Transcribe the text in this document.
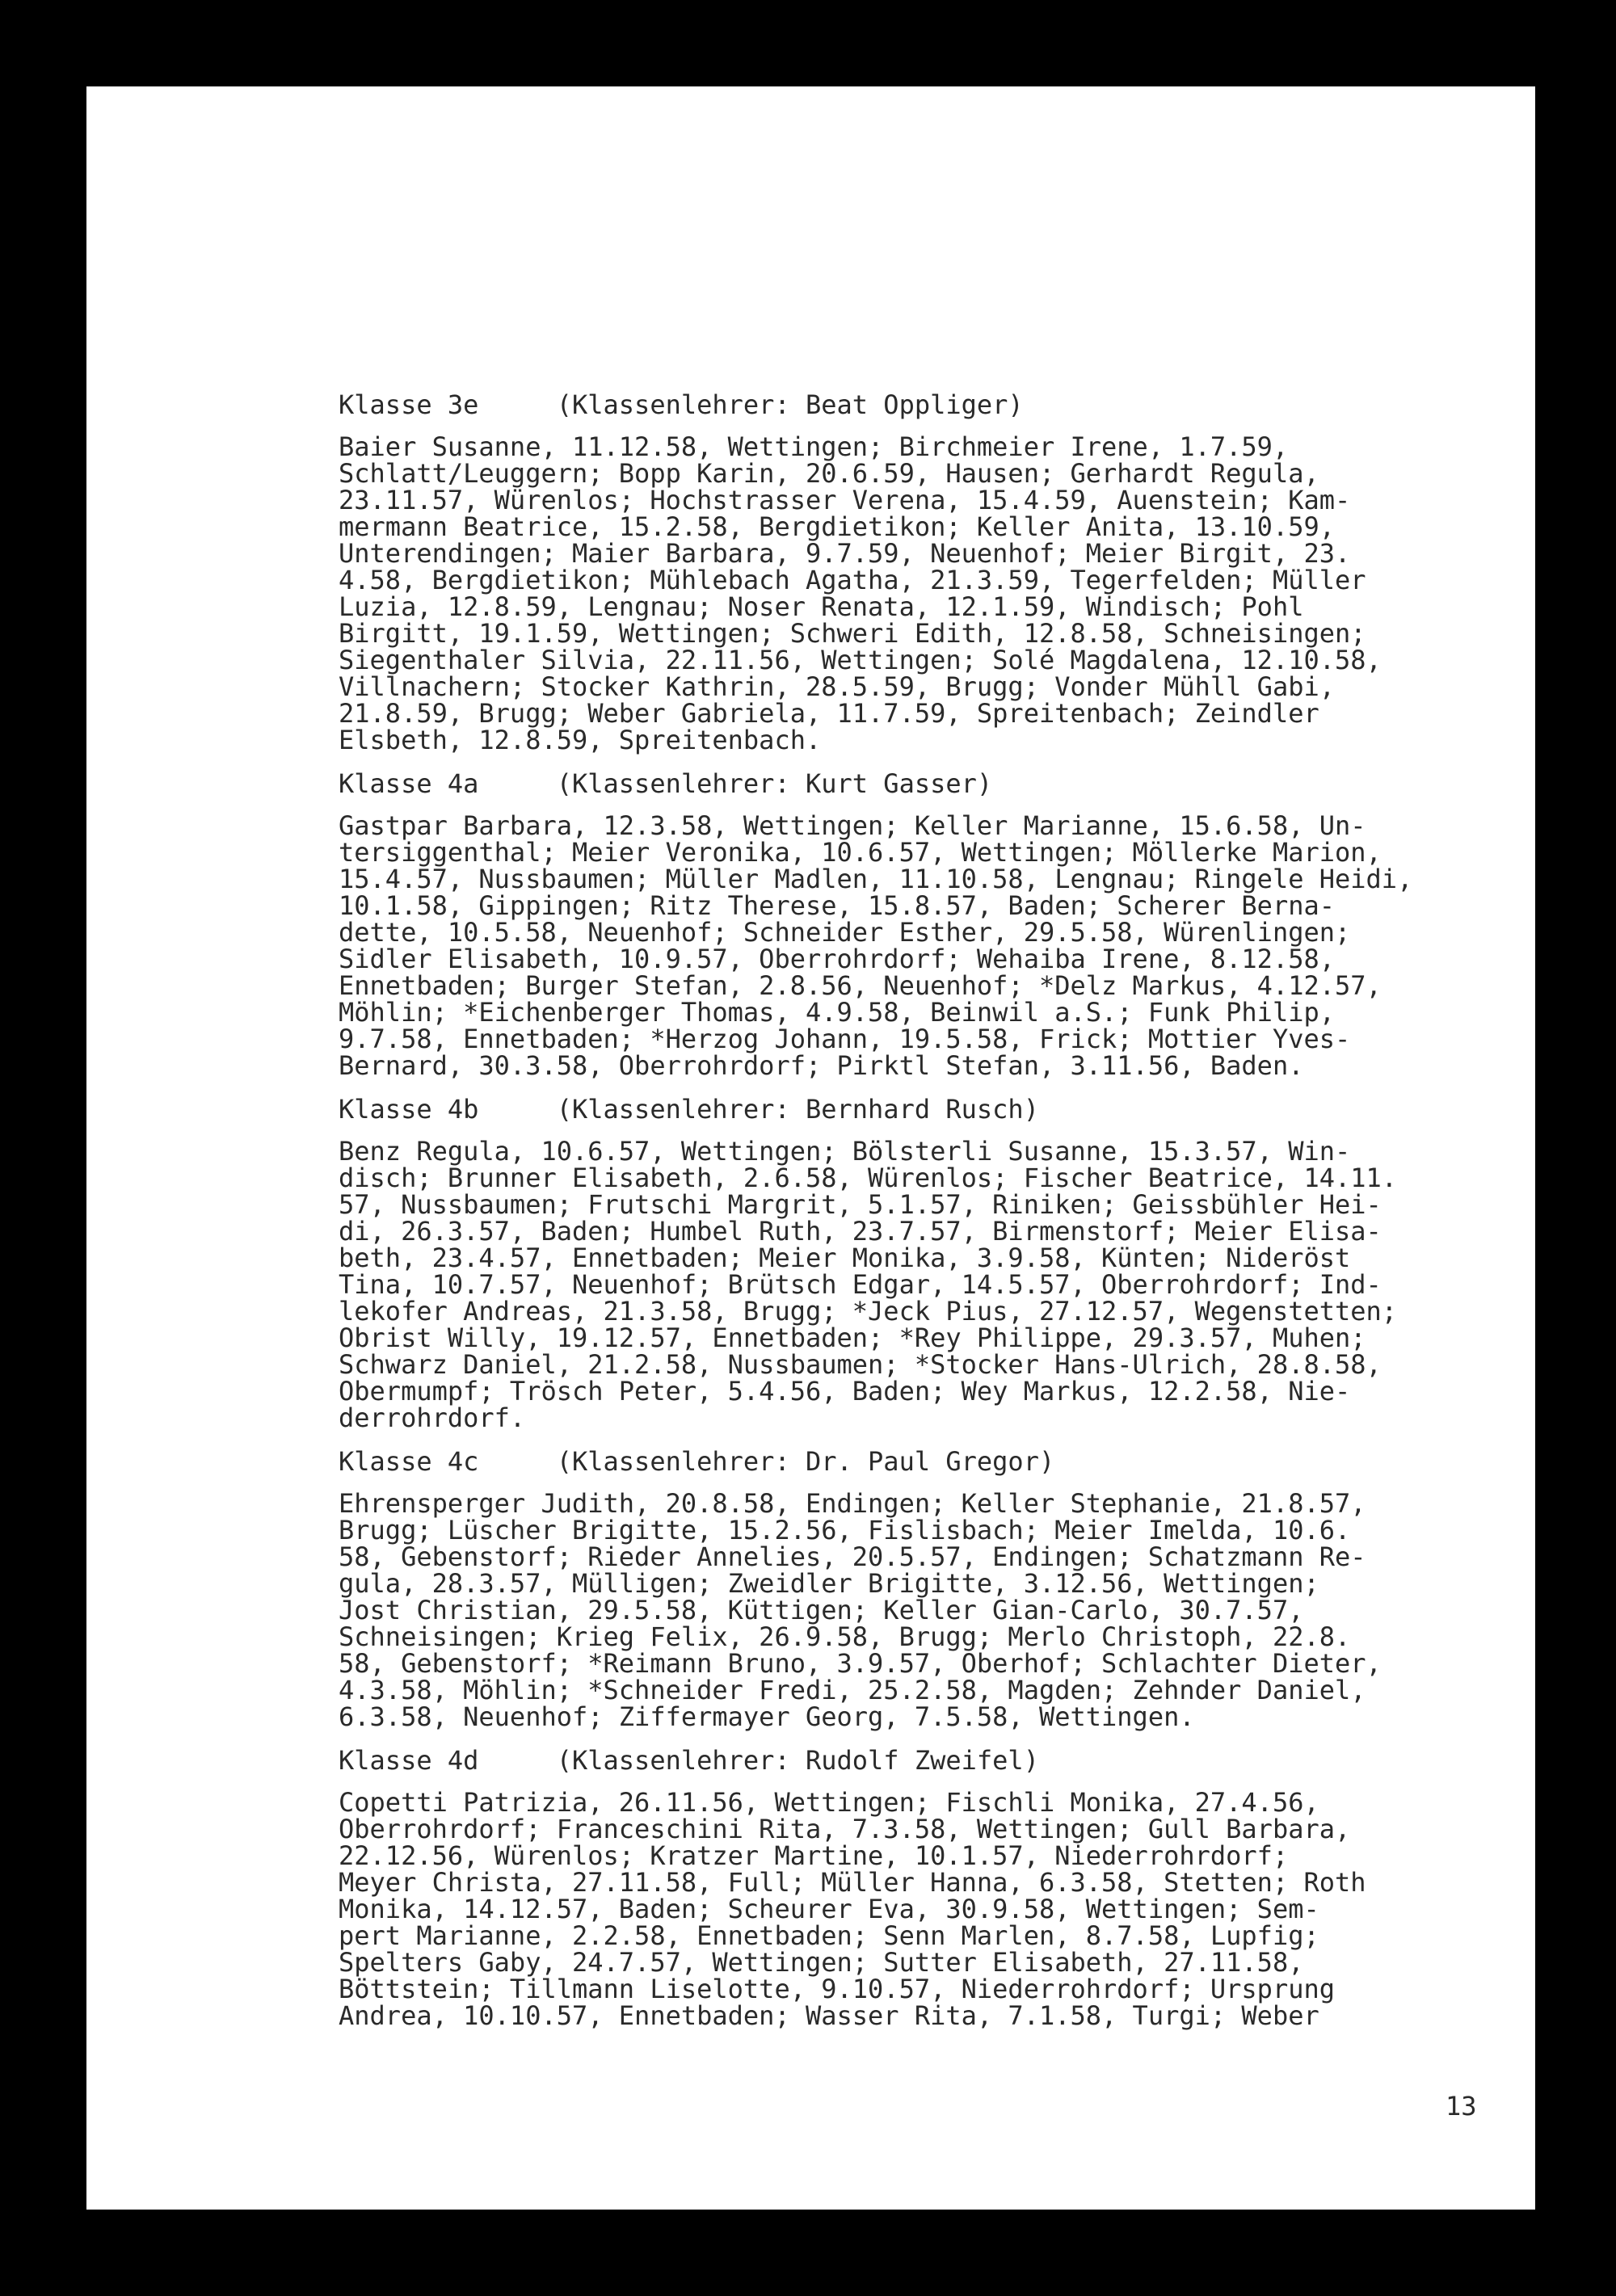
Klasse 3e     (Klassenlehrer: Beat Oppliger)
Baier Susanne, 11.12.58, Wettingen; Birchmeier Irene, 1.7.59,
Schlatt/Leuggern; Bopp Karin, 20.6.59, Hausen; Gerhardt Regula,
23.11.57, Würenlos; Hochstrasser Verena, 15.4.59, Auenstein; Kam-
mermann Beatrice, 15.2.58, Bergdietikon; Keller Anita, 13.10.59,
Unterendingen; Maier Barbara, 9.7.59, Neuenhof; Meier Birgit, 23.
4.58, Bergdietikon; Mühlebach Agatha, 21.3.59, Tegerfelden; Müller
Luzia, 12.8.59, Lengnau; Noser Renata, 12.1.59, Windisch; Pohl
Birgitt, 19.1.59, Wettingen; Schweri Edith, 12.8.58, Schneisingen;
Siegenthaler Silvia, 22.11.56, Wettingen; Solé Magdalena, 12.10.58,
Villnachern; Stocker Kathrin, 28.5.59, Brugg; Vonder Mühll Gabi,
21.8.59, Brugg; Weber Gabriela, 11.7.59, Spreitenbach; Zeindler
Elsbeth, 12.8.59, Spreitenbach.
Klasse 4a     (Klassenlehrer: Kurt Gasser)
Gastpar Barbara, 12.3.58, Wettingen; Keller Marianne, 15.6.58, Un-
tersiggenthal; Meier Veronika, 10.6.57, Wettingen; Möllerke Marion,
15.4.57, Nussbaumen; Müller Madlen, 11.10.58, Lengnau; Ringele Heidi,
10.1.58, Gippingen; Ritz Therese, 15.8.57, Baden; Scherer Berna-
dette, 10.5.58, Neuenhof; Schneider Esther, 29.5.58, Würenlingen;
Sidler Elisabeth, 10.9.57, Oberrohrdorf; Wehaiba Irene, 8.12.58,
Ennetbaden; Burger Stefan, 2.8.56, Neuenhof; *Delz Markus, 4.12.57,
Möhlin; *Eichenberger Thomas, 4.9.58, Beinwil a.S.; Funk Philip,
9.7.58, Ennetbaden; *Herzog Johann, 19.5.58, Frick; Mottier Yves-
Bernard, 30.3.58, Oberrohrdorf; Pirktl Stefan, 3.11.56, Baden.
Klasse 4b     (Klassenlehrer: Bernhard Rusch)
Benz Regula, 10.6.57, Wettingen; Bölsterli Susanne, 15.3.57, Win-
disch; Brunner Elisabeth, 2.6.58, Würenlos; Fischer Beatrice, 14.11.
57, Nussbaumen; Frutschi Margrit, 5.1.57, Riniken; Geissbühler Hei-
di, 26.3.57, Baden; Humbel Ruth, 23.7.57, Birmenstorf; Meier Elisa-
beth, 23.4.57, Ennetbaden; Meier Monika, 3.9.58, Künten; Nideröst
Tina, 10.7.57, Neuenhof; Brütsch Edgar, 14.5.57, Oberrohrdorf; Ind-
lekofer Andreas, 21.3.58, Brugg; *Jeck Pius, 27.12.57, Wegenstetten;
Obrist Willy, 19.12.57, Ennetbaden; *Rey Philippe, 29.3.57, Muhen;
Schwarz Daniel, 21.2.58, Nussbaumen; *Stocker Hans-Ulrich, 28.8.58,
Obermumpf; Trösch Peter, 5.4.56, Baden; Wey Markus, 12.2.58, Nie-
derrohrdorf.
Klasse 4c     (Klassenlehrer: Dr. Paul Gregor)
Ehrensperger Judith, 20.8.58, Endingen; Keller Stephanie, 21.8.57,
Brugg; Lüscher Brigitte, 15.2.56, Fislisbach; Meier Imelda, 10.6.
58, Gebenstorf; Rieder Annelies, 20.5.57, Endingen; Schatzmann Re-
gula, 28.3.57, Mülligen; Zweidler Brigitte, 3.12.56, Wettingen;
Jost Christian, 29.5.58, Küttigen; Keller Gian-Carlo, 30.7.57,
Schneisingen; Krieg Felix, 26.9.58, Brugg; Merlo Christoph, 22.8.
58, Gebenstorf; *Reimann Bruno, 3.9.57, Oberhof; Schlachter Dieter,
4.3.58, Möhlin; *Schneider Fredi, 25.2.58, Magden; Zehnder Daniel,
6.3.58, Neuenhof; Ziffermayer Georg, 7.5.58, Wettingen.
Klasse 4d     (Klassenlehrer: Rudolf Zweifel)
Copetti Patrizia, 26.11.56, Wettingen; Fischli Monika, 27.4.56,
Oberrohrdorf; Franceschini Rita, 7.3.58, Wettingen; Gull Barbara,
22.12.56, Würenlos; Kratzer Martine, 10.1.57, Niederrohrdorf;
Meyer Christa, 27.11.58, Full; Müller Hanna, 6.3.58, Stetten; Roth
Monika, 14.12.57, Baden; Scheurer Eva, 30.9.58, Wettingen; Sem-
pert Marianne, 2.2.58, Ennetbaden; Senn Marlen, 8.7.58, Lupfig;
Spelters Gaby, 24.7.57, Wettingen; Sutter Elisabeth, 27.11.58,
Böttstein; Tillmann Liselotte, 9.10.57, Niederrohrdorf; Ursprung
Andrea, 10.10.57, Ennetbaden; Wasser Rita, 7.1.58, Turgi; Weber
13
